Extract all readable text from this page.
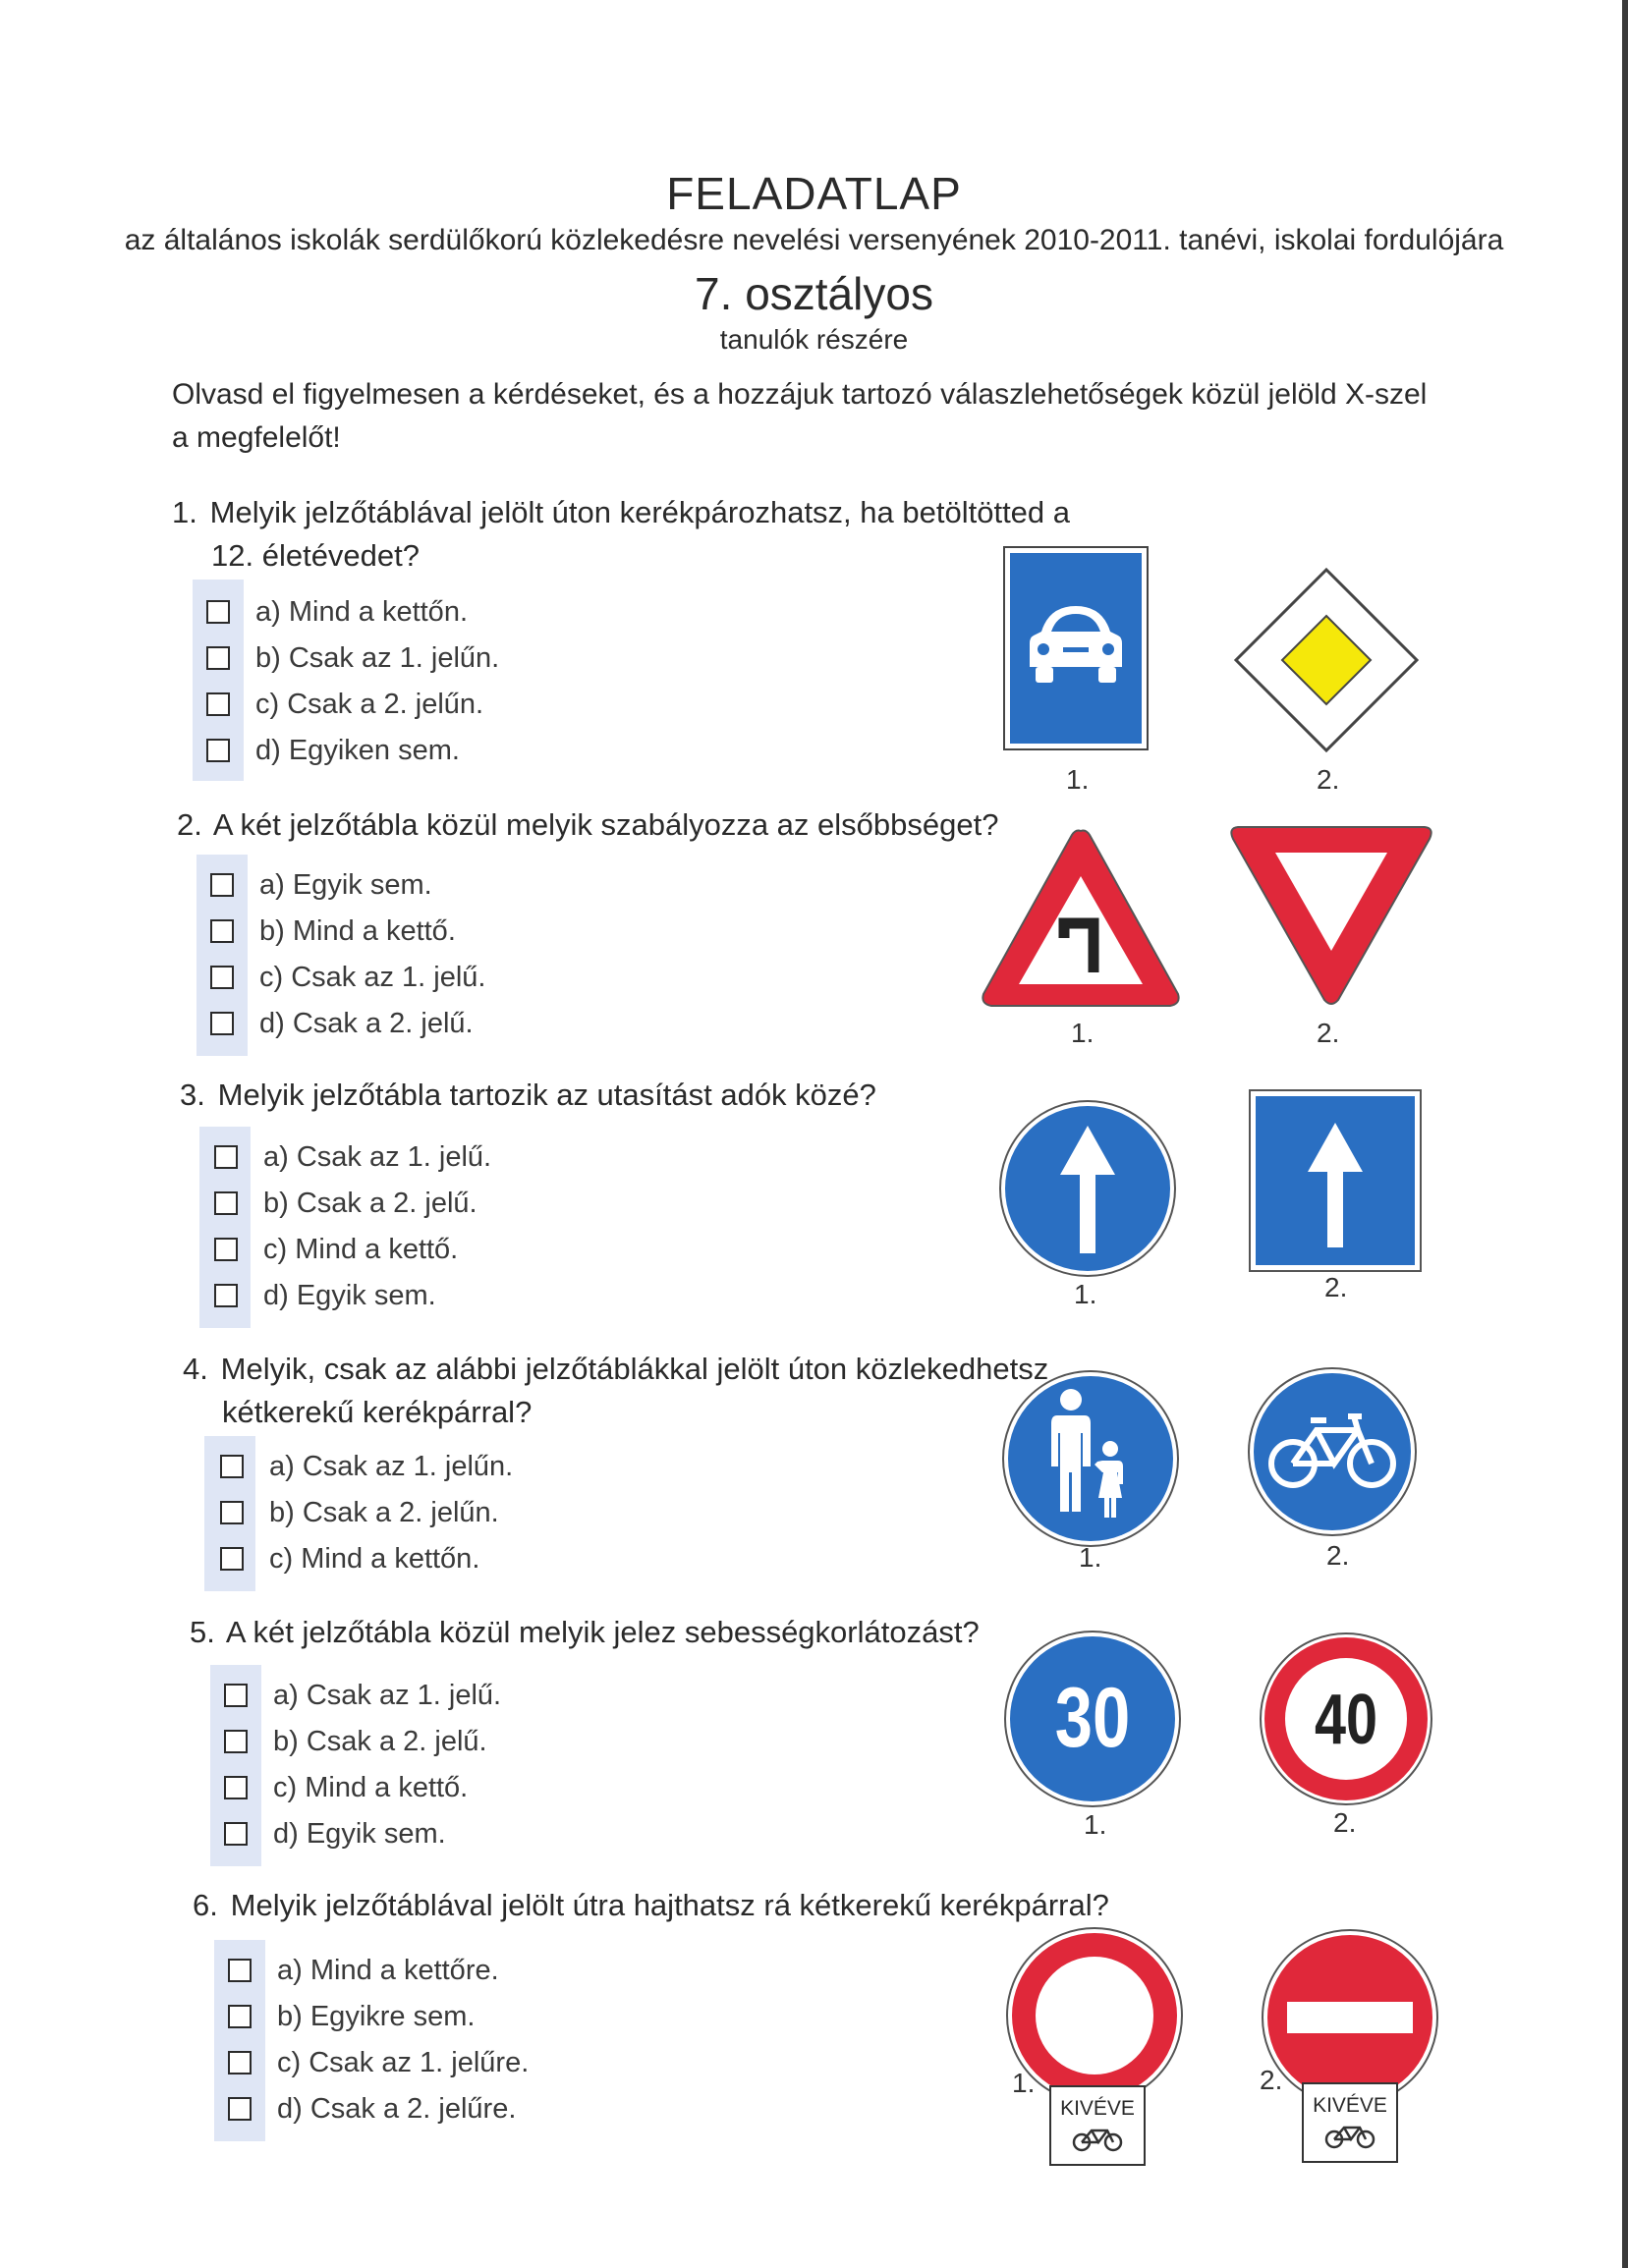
FELADATLAP
az általános iskolák serdülőkorú közlekedésre nevelési versenyének 2010-2011. tanévi, iskolai fordulójára
7. osztályos
tanulók részére
Olvasd el figyelmesen a kérdéseket, és a hozzájuk tartozó válaszlehetőségek közül jelöld X-szel a megfelelőt!

1. Melyik jelzőtáblával jelölt úton kerékpározhatsz, ha betöltötted a

12. életévedet?

a) Mind a kettőn.
b) Csak az 1. jelűn.
c) Csak a 2. jelűn.
d) Egyiken sem.
1.	2.

2. A két jelzőtábla közül melyik szabályozza az elsőbbséget?

a) Egyik sem.
b) Mind a kettő.
c) Csak az 1. jelű.
d) Csak a 2. jelű.	1.	2.

3. Melyik jelzőtábla tartozik az utasítást adók közé?

a) Csak az 1. jelű.
b) Csak a 2. jelű.
c) Mind a kettő.
d) Egyik sem.	1.	2.

4. Melyik, csak az alábbi jelzőtáblákkal jelölt úton közlekedhetsz

kétkerekű kerékpárral?

a) Csak az 1. jelűn.
b) Csak a 2. jelűn.
c) Mind a kettőn.	1.	2.

5. A két jelzőtábla közül melyik jelez sebességkorlátozást?

a) Csak az 1. jelű.
b) Csak a 2. jelű.
c) Mind a kettő.
d) Egyik sem.
30	40
1.	2.

6. Melyik jelzőtáblával jelölt útra hajthatsz rá kétkerekű kerékpárral?

a) Mind a kettőre.
b) Egyikre sem.
c) Csak az 1. jelűre.
d) Csak a 2. jelűre.
1.	2.
KIVÉVE	KIVÉVE
